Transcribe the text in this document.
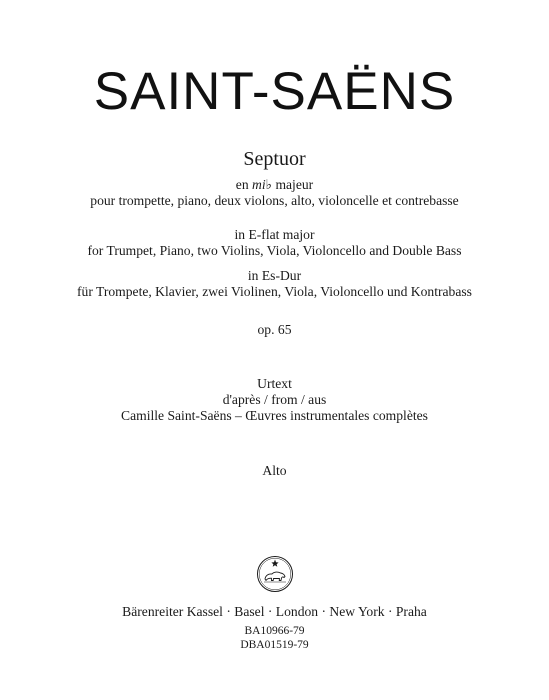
SAINT-SAËNS
Septuor
en mi♭ majeur
pour trompette, piano, deux violons, alto, violoncelle et contrebasse
in E-flat major
for Trumpet, Piano, two Violins, Viola, Violoncello and Double Bass
in Es-Dur
für Trompete, Klavier, zwei Violinen, Viola, Violoncello und Kontrabass
op. 65
Urtext
d'après / from / aus
Camille Saint-Saëns – Œuvres instrumentales complètes
Alto
Bärenreiter Kassel · Basel · London · New York · Praha
BA10966-79
DBA01519-79
